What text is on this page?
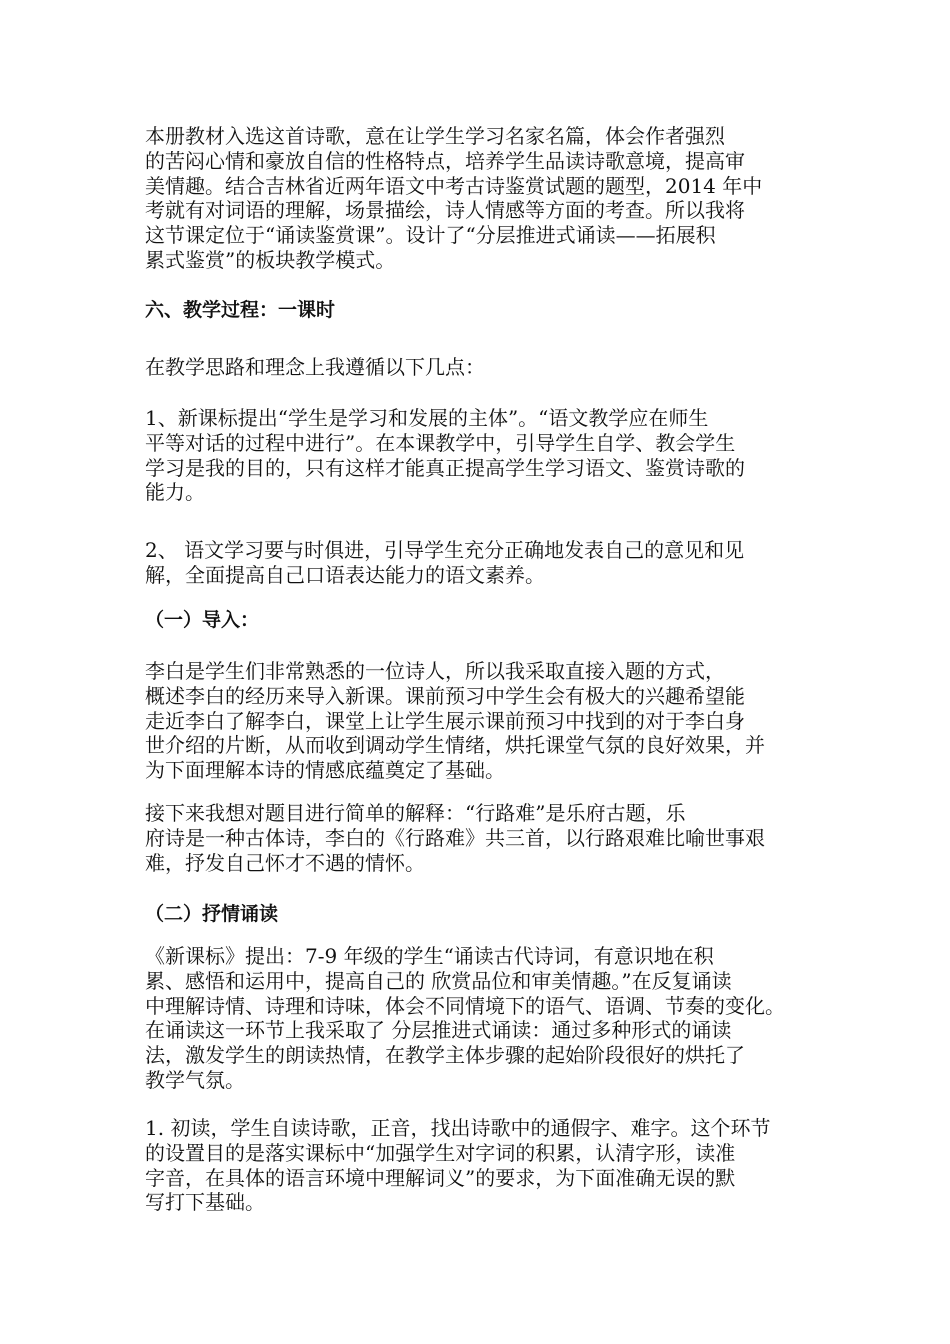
本册教材入选这首诗歌，意在让学生学习名家名篇，体会作者强烈
的苦闷心情和豪放自信的性格特点，培养学生品读诗歌意境，提高审
美情趣。结合吉林省近两年语文中考古诗鉴赏试题的题型，2014 年中
考就有对词语的理解，场景描绘，诗人情感等方面的考查。所以我将
这节课定位于“诵读鉴赏课”。设计了“分层推进式诵读——拓展积
累式鉴赏”的板块教学模式。

六、教学过程：一课时

在教学思路和理念上我遵循以下几点：

1、新课标提出“学生是学习和发展的主体”。“语文教学应在师生
平等对话的过程中进行”。在本课教学中，引导学生自学、教会学生
学习是我的目的，只有这样才能真正提高学生学习语文、鉴赏诗歌的
能力。

2、 语文学习要与时俱进，引导学生充分正确地发表自己的意见和见
解，全面提高自己口语表达能力的语文素养。

（一）导入：

李白是学生们非常熟悉的一位诗人，所以我采取直接入题的方式，
概述李白的经历来导入新课。课前预习中学生会有极大的兴趣希望能
走近李白了解李白，课堂上让学生展示课前预习中找到的对于李白身
世介绍的片断，从而收到调动学生情绪，烘托课堂气氛的良好效果，并
为下面理解本诗的情感底蕴奠定了基础。

接下来我想对题目进行简单的解释：“行路难”是乐府古题，乐
府诗是一种古体诗，李白的《行路难》共三首，以行路艰难比喻世事艰
难，抒发自己怀才不遇的情怀。

（二）抒情诵读

《新课标》提出：7-9 年级的学生“诵读古代诗词，有意识地在积
累、感悟和运用中，提高自己的 欣赏品位和审美情趣。”在反复诵读
中理解诗情、诗理和诗味，体会不同情境下的语气、语调、节奏的变化。
在诵读这一环节上我采取了 分层推进式诵读：通过多种形式的诵读
法，激发学生的朗读热情，在教学主体步骤的起始阶段很好的烘托了
教学气氛。

1. 初读，学生自读诗歌，正音，找出诗歌中的通假字、难字。这个环节
的设置目的是落实课标中“加强学生对字词的积累，认清字形，读准
字音，在具体的语言环境中理解词义”的要求，为下面准确无误的默
写打下基础。
